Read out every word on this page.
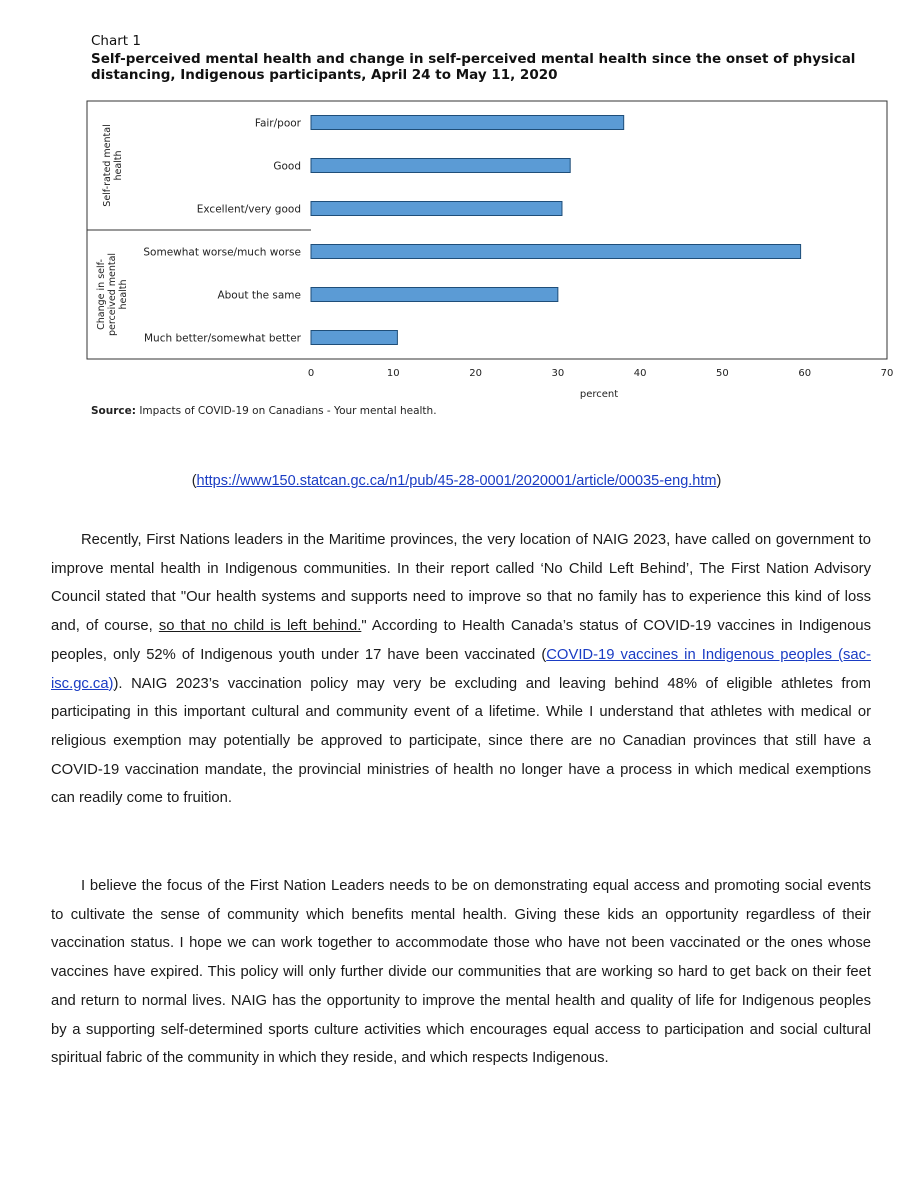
Chart 1
Self-perceived mental health and change in self-perceived mental health since the onset of physical distancing, Indigenous participants, April 24 to May 11, 2020
Fair/poor
Good
Excellent/very good
Somewhat worse/much worse
About the same
Much better/somewhat better
Self-rated mental health
Change in self- perceived mental health
0	10	20	30	40	50	60	70
percent
Source: Impacts of COVID-19 on Canadians - Your mental health.
(https://www150.statcan.gc.ca/n1/pub/45-28-0001/2020001/article/00035-eng.htm)

Recently, First Nations leaders in the Maritime provinces, the very location of NAIG 2023, have called on government to improve mental health in Indigenous communities. In their report called ‘No Child Left Behind’, The First Nation Advisory Council stated that "Our health systems and supports need to improve so that no family has to experience this kind of loss and, of course, so that no child is left behind." According to Health Canada’s status of COVID-19 vaccines in Indigenous peoples, only 52% of Indigenous youth under 17 have been vaccinated (COVID-19 vaccines in Indigenous peoples (sac-isc.gc.ca)). NAIG 2023’s vaccination policy may very be excluding and leaving behind 48% of eligible athletes from participating in this important cultural and community event of a lifetime. While I understand that athletes with medical or religious exemption may potentially be approved to participate, since there are no Canadian provinces that still have a COVID-19 vaccination mandate, the provincial ministries of health no longer have a process in which medical exemptions can readily come to fruition.

I believe the focus of the First Nation Leaders needs to be on demonstrating equal access and promoting social events to cultivate the sense of community which benefits mental health. Giving these kids an opportunity regardless of their vaccination status. I hope we can work together to accommodate those who have not been vaccinated or the ones whose vaccines have expired. This policy will only further divide our communities that are working so hard to get back on their feet and return to normal lives. NAIG has the opportunity to improve the mental health and quality of life for Indigenous peoples by a supporting self-determined sports culture activities which encourages equal access to participation and social cultural spiritual fabric of the community in which they reside, and which respects Indigenous.
